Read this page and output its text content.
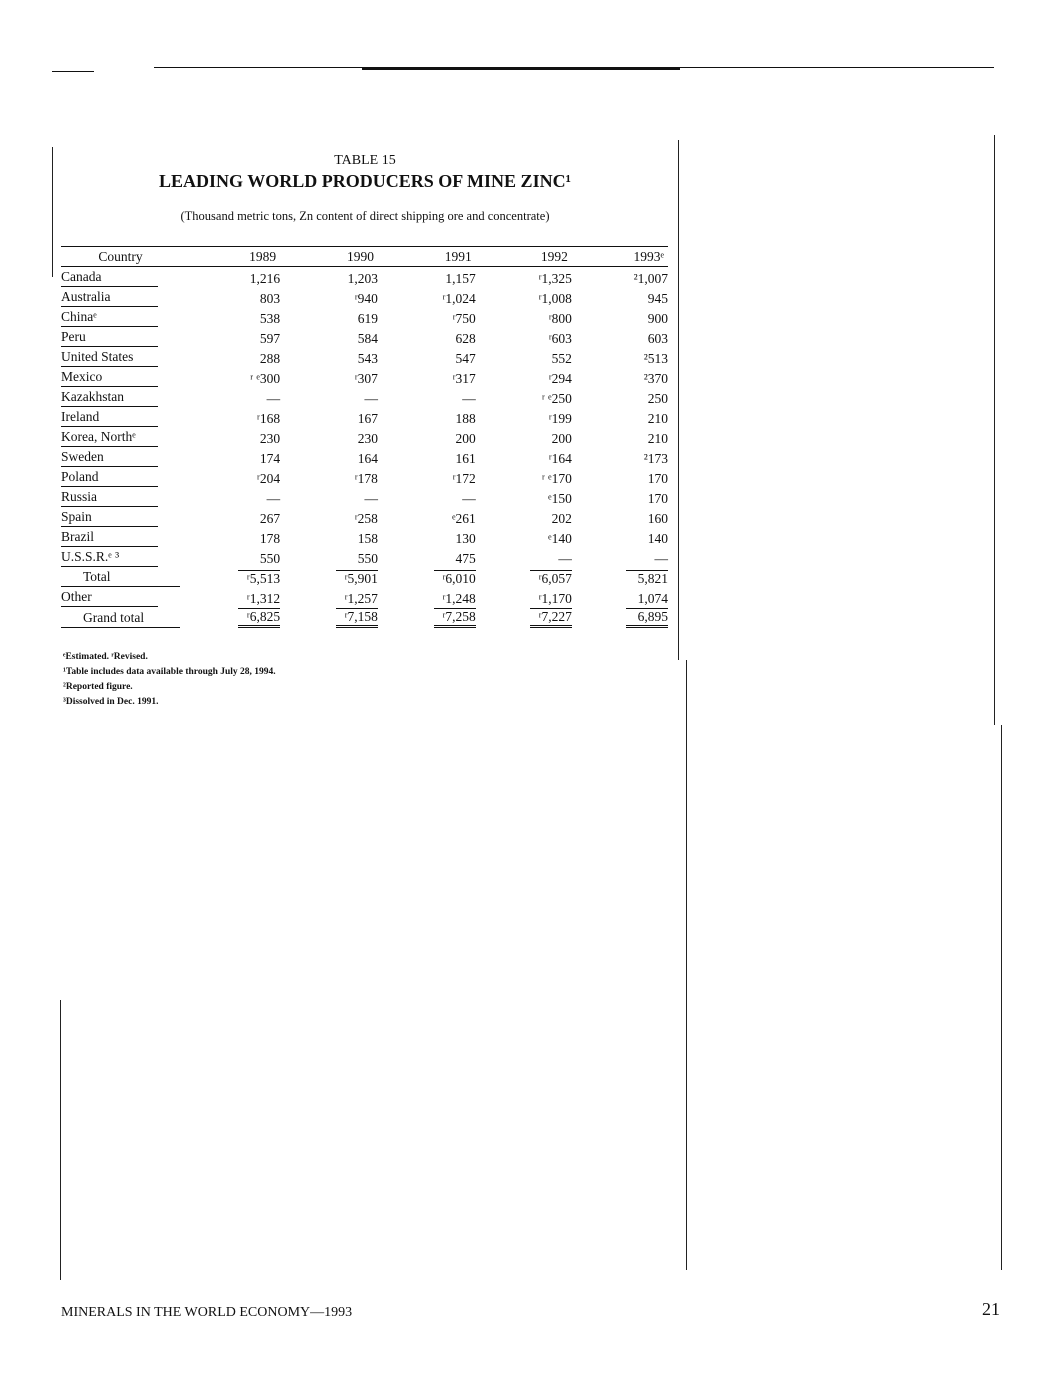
TABLE 15
LEADING WORLD PRODUCERS OF MINE ZINC¹
(Thousand metric tons, Zn content of direct shipping ore and concentrate)
Country	1989	1990	1991	1992	1993ᵉ
Canada	1,216	1,203	1,157	ʳ1,325	²1,007
Australia	803	ʳ940	ʳ1,024	ʳ1,008	945
Chinaᵉ	538	619	ʳ750	ʳ800	900
Peru	597	584	628	ʳ603	603
United States	288	543	547	552	²513
Mexico	ʳ ᵉ300	ʳ307	ʳ317	ʳ294	²370
Kazakhstan	—	—	—	ʳ ᵉ250	250
Ireland	ʳ168	167	188	ʳ199	210
Korea, Northᵉ	230	230	200	200	210
Sweden	174	164	161	ʳ164	²173
Poland	ʳ204	ʳ178	ʳ172	ʳ ᵉ170	170
Russia	—	—	—	ᵉ150	170
Spain	267	ʳ258	ᵉ261	202	160
Brazil	178	158	130	ᵉ140	140
U.S.S.R.ᵉ ³	550	550	475	—	—
Total	ʳ5,513	ʳ5,901	ʳ6,010	ʳ6,057	5,821
Other	ʳ1,312	ʳ1,257	ʳ1,248	ʳ1,170	1,074
Grand total	ʳ6,825	ʳ7,158	ʳ7,258	ʳ7,227	6,895
ᵉEstimated. ʳRevised.
¹Table includes data available through July 28, 1994.
²Reported figure.
³Dissolved in Dec. 1991.
MINERALS IN THE WORLD ECONOMY—1993	21
